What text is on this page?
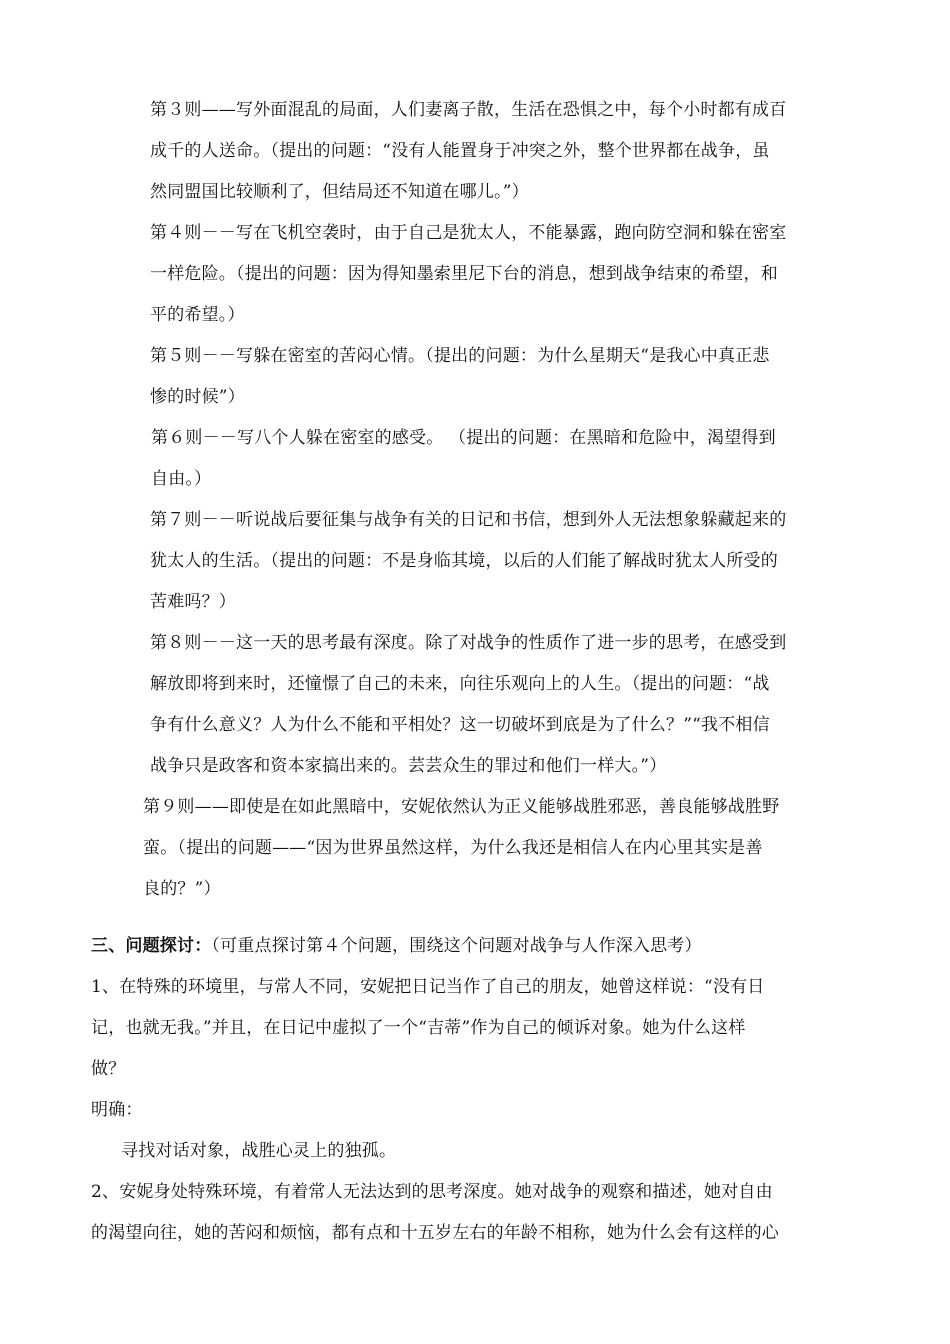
第３则——写外面混乱的局面，人们妻离子散，生活在恐惧之中，每个小时都有成百

成千的人送命。（提出的问题：“没有人能置身于冲突之外，整个世界都在战争，虽

然同盟国比较顺利了，但结局还不知道在哪儿。”）

第４则－－写在飞机空袭时，由于自己是犹太人，不能暴露，跑向防空洞和躲在密室

一样危险。（提出的问题：因为得知墨索里尼下台的消息，想到战争结束的希望，和

平的希望。）

第５则－－写躲在密室的苦闷心情。（提出的问题：为什么星期天“是我心中真正悲

惨的时候”）

第６则－－写八个人躲在密室的感受。 （提出的问题：在黑暗和危险中，渴望得到

自由。）

第７则－－听说战后要征集与战争有关的日记和书信，想到外人无法想象躲藏起来的

犹太人的生活。（提出的问题：不是身临其境，以后的人们能了解战时犹太人所受的

苦难吗？）

第８则－－这一天的思考最有深度。除了对战争的性质作了进一步的思考，在感受到

解放即将到来时，还憧憬了自己的未来，向往乐观向上的人生。（提出的问题：“战

争有什么意义？人为什么不能和平相处？这一切破坏到底是为了什么？”“我不相信

战争只是政客和资本家搞出来的。芸芸众生的罪过和他们一样大。”）

第９则——即使是在如此黑暗中，安妮依然认为正义能够战胜邪恶，善良能够战胜野

蛮。（提出的问题——“因为世界虽然这样，为什么我还是相信人在内心里其实是善

良的？”）

三、问题探讨：（可重点探讨第４个问题，围绕这个问题对战争与人作深入思考）

1、在特殊的环境里，与常人不同，安妮把日记当作了自己的朋友，她曾这样说：“没有日

记，也就无我。”并且，在日记中虚拟了一个“吉蒂”作为自己的倾诉对象。她为什么这样

做？

明确：

寻找对话对象，战胜心灵上的独孤。

2、安妮身处特殊环境，有着常人无法达到的思考深度。她对战争的观察和描述，她对自由

的渴望向往，她的苦闷和烦恼，都有点和十五岁左右的年龄不相称，她为什么会有这样的心
